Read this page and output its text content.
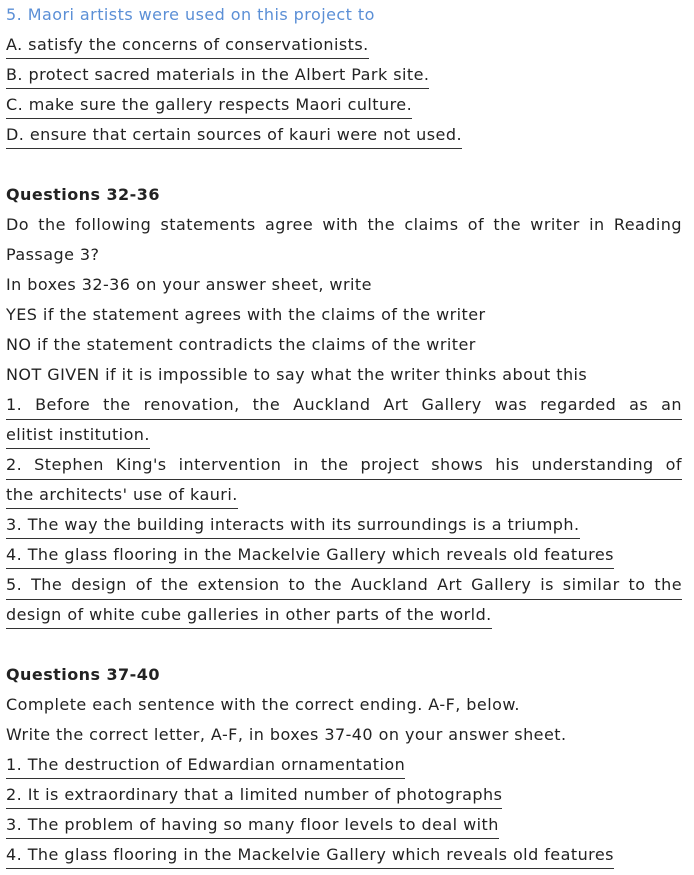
5. Maori artists were used on this project to
A. satisfy the concerns of conservationists.
B. protect sacred materials in the Albert Park site.
C. make sure the gallery respects Maori culture.
D. ensure that certain sources of kauri were not used.
Questions 32-36
Do the following statements agree with the claims of the writer in Reading
Passage 3?
In boxes 32-36 on your answer sheet, write
YES if the statement agrees with the claims of the writer
NO if the statement contradicts the claims of the writer
NOT GIVEN if it is impossible to say what the writer thinks about this
1. Before the renovation, the Auckland Art Gallery was regarded as an
elitist institution.
2. Stephen King's intervention in the project shows his understanding of
the architects' use of kauri.
3. The way the building interacts with its surroundings is a triumph.
4. The glass flooring in the Mackelvie Gallery which reveals old features
5. The design of the extension to the Auckland Art Gallery is similar to the
design of white cube galleries in other parts of the world.
Questions 37-40
Complete each sentence with the correct ending. A-F, below.
Write the correct letter, A-F, in boxes 37-40 on your answer sheet.
1. The destruction of Edwardian ornamentation
2. It is extraordinary that a limited number of photographs
3. The problem of having so many floor levels to deal with
4. The glass flooring in the Mackelvie Gallery which reveals old features
